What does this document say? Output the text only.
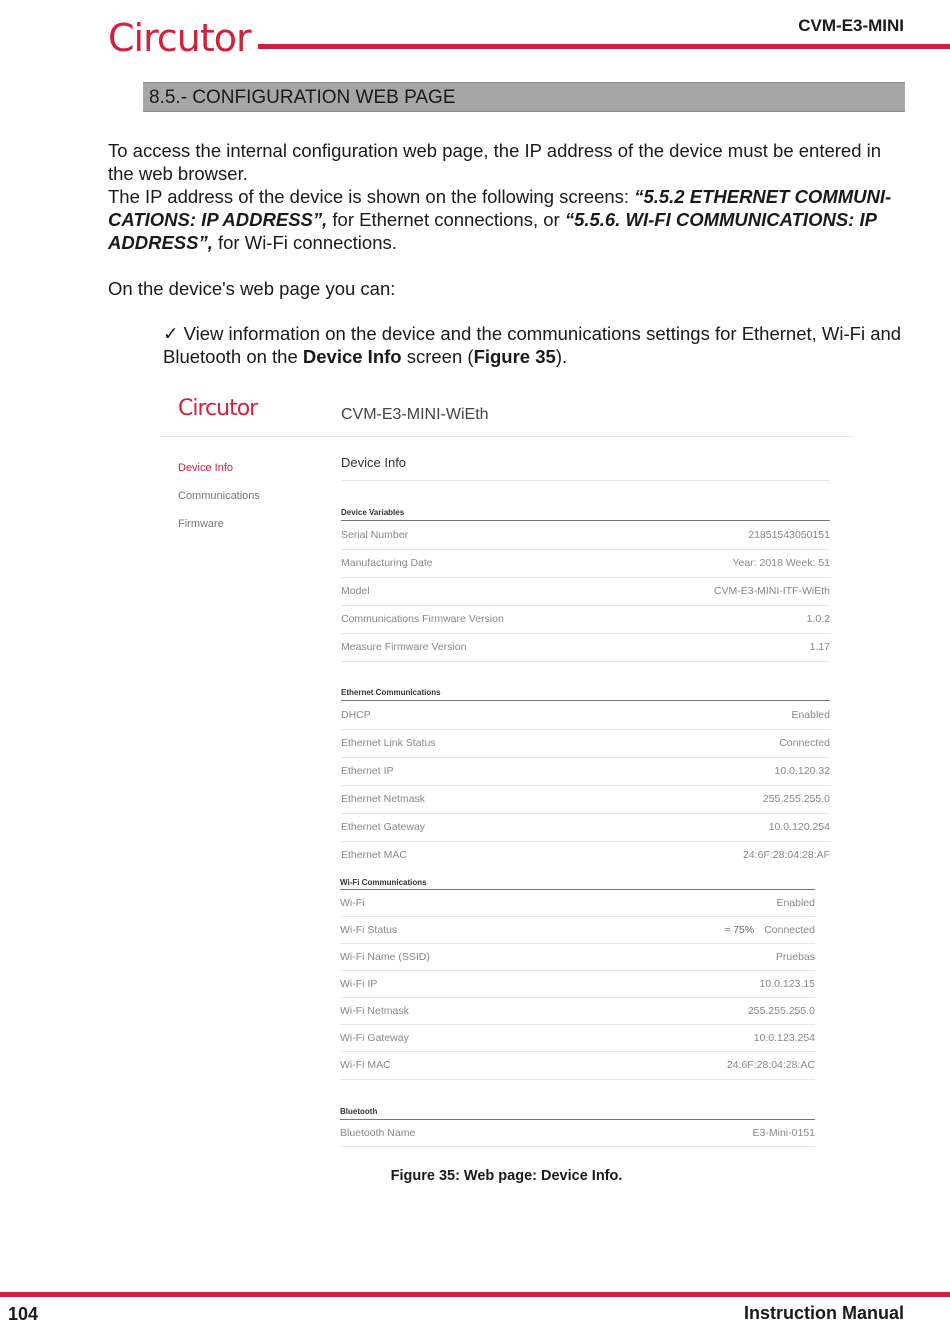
Circutor	CVM-E3-MINI
8.5.- CONFIGURATION WEB PAGE

To access the internal configuration web page, the IP address of the device must be entered in the web browser.

The IP address of the device is shown on the following screens: “5.5.2 ETHERNET COMMUNICATIONS: IP ADDRESS”, for Ethernet connections, or “5.5.6. WI-FI COMMUNICATIONS: IP ADDRESS”, for Wi-Fi connections.

On the device's web page you can:

✓ View information on the device and the communications settings for Ethernet, Wi-Fi and Bluetooth on the Device Info screen (Figure 35).
Circutor	CVM-E3-MINI-WiEth
Device Info
Communications
Firmware
Device Info
Device Variables
Serial Number	21851543050151
Manufacturing Date	Year: 2018 Week: 51
Model	CVM-E3-MINI-ITF-WiEth
Communications Firmware Version	1.0.2
Measure Firmware Version	1.17
Ethernet Communications
DHCP	Enabled
Ethernet Link Status	Connected
Ethernet IP	10.0.120.32
Ethernet Netmask	255.255.255.0
Ethernet Gateway	10.0.120.254
Ethernet MAC	24:6F:28:04:28:AF
Wi-Fi Communications
Wi-Fi	Enabled
Wi-Fi Status	≈ 75% Connected
Wi-Fi Name (SSID)	Pruebas
Wi-Fi IP	10.0.123.15
Wi-Fi Netmask	255.255.255.0
Wi-Fi Gateway	10.0.123.254
Wi-Fi MAC	24:6F:28:04:28:AC
Bluetooth
Bluetooth Name	E3-Mini-0151
Figure 35: Web page: Device Info.
104	Instruction Manual
